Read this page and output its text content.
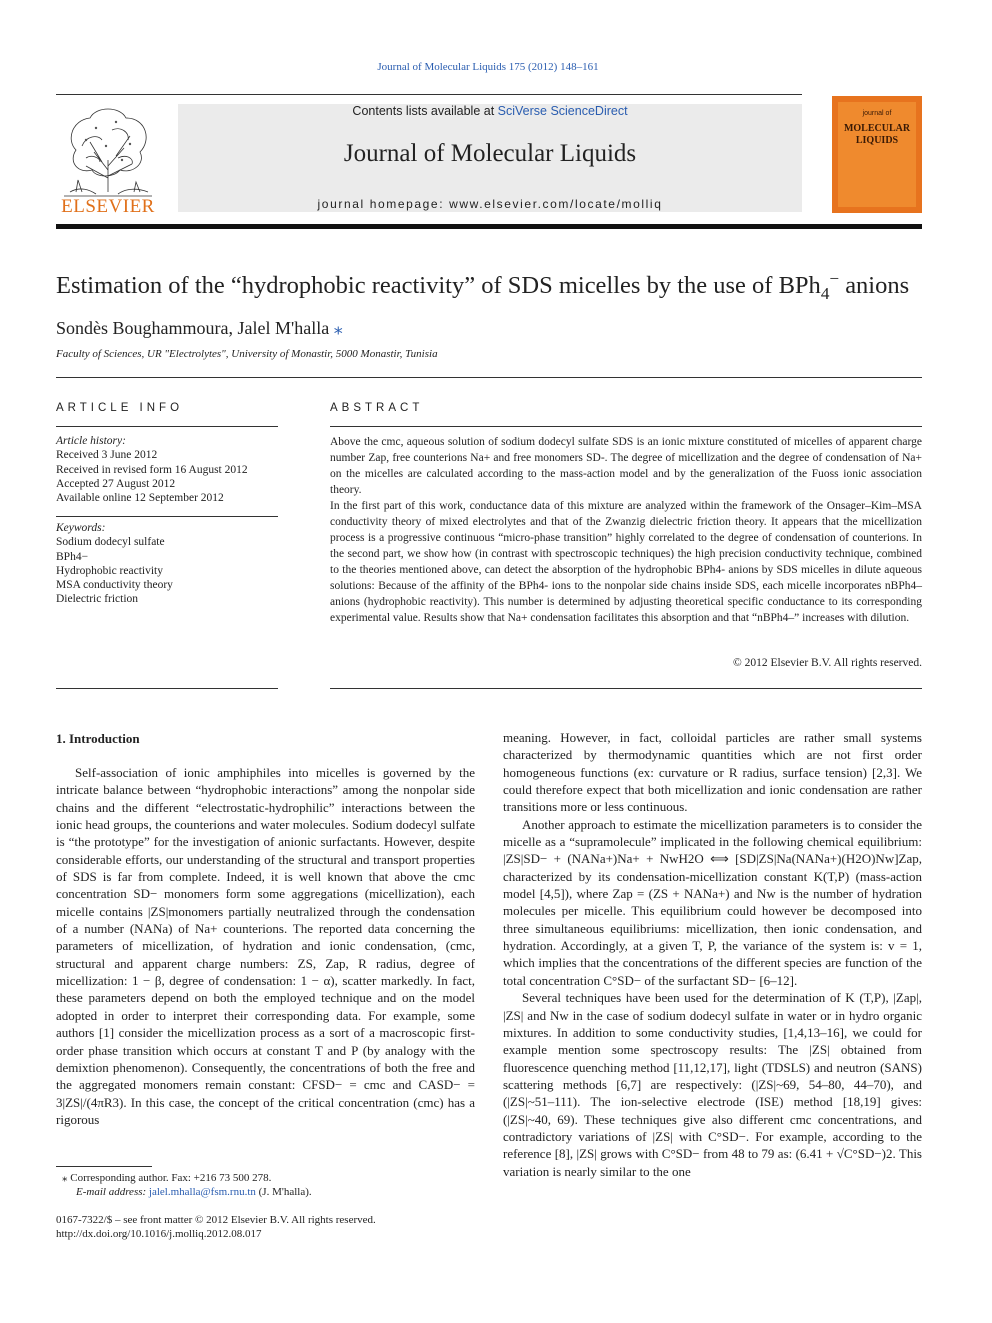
Journal of Molecular Liquids 175 (2012) 148–161
ELSEVIER
Contents lists available at SciVerse ScienceDirect
Journal of Molecular Liquids
journal homepage: www.elsevier.com/locate/molliq
journal of
MOLECULAR
LIQUIDS
Estimation of the “hydrophobic reactivity” of SDS micelles by the use of BPh$_4$− anions
Sondès Boughammoura, Jalel M'halla ⁎
Faculty of Sciences, UR "Electrolytes", University of Monastir, 5000 Monastir, Tunisia
ARTICLE INFO	ABSTRACT
Article history:
Received 3 June 2012
Received in revised form 16 August 2012
Accepted 27 August 2012
Available online 12 September 2012
Keywords:
Sodium dodecyl sulfate
BPh4−
Hydrophobic reactivity
MSA conductivity theory
Dielectric friction

Above the cmc, aqueous solution of sodium dodecyl sulfate SDS is an ionic mixture constituted of micelles of apparent charge number Zap, free counterions Na+ and free monomers SD-. The degree of micellization and the degree of condensation of Na+ on the micelles are calculated according to the mass-action model and by the generalization of the Fuoss ionic association theory.

In the first part of this work, conductance data of this mixture are analyzed within the framework of the Onsager–Kim–MSA conductivity theory of mixed electrolytes and that of the Zwanzig dielectric friction theory. It appears that the micellization process is a progressive continuous “micro-phase transition” highly correlated to the degree of condensation of counterions. In the second part, we show how (in contrast with spectroscopic techniques) the high precision conductivity technique, combined to the theories mentioned above, can detect the absorption of the hydrophobic BPh4- anions by SDS micelles in dilute aqueous solutions: Because of the affinity of the BPh4- ions to the nonpolar side chains inside SDS, each micelle incorporates nBPh4– anions (hydrophobic reactivity). This number is determined by adjusting theoretical specific conductance to its corresponding experimental value. Results show that Na+ condensation facilitates this absorption and that “nBPh4–” increases with dilution.

© 2012 Elsevier B.V. All rights reserved.
1. Introduction

Self-association of ionic amphiphiles into micelles is governed by the intricate balance between “hydrophobic interactions” among the nonpolar side chains and the different “electrostatic-hydrophilic” interactions between the ionic head groups, the counterions and water molecules. Sodium dodecyl sulfate is “the prototype” for the investigation of anionic surfactants. However, despite considerable efforts, our understanding of the structural and transport properties of SDS is far from complete. Indeed, it is well known that above the cmc concentration SD− monomers form some aggregations (micellization), each micelle contains |ZS|monomers partially neutralized through the condensation of a number (NANa) of Na+ counterions. The reported data concerning the parameters of micellization, of hydration and ionic condensation, (cmc, structural and apparent charge numbers: ZS, Zap, R radius, degree of micellization: 1 − β, degree of condensation: 1 − α), scatter markedly. In fact, these parameters depend on both the employed technique and on the model adopted in order to interpret their corresponding data. For example, some authors [1] consider the micellization process as a sort of a macroscopic first-order phase transition which occurs at constant T and P (by analogy with the demixtion phenomenon). Consequently, the concentrations of both the free and the aggregated monomers remain constant: CFSD− = cmc and CASD− = 3|ZS|/(4πR3). In this case, the concept of the critical concentration (cmc) has a rigorous

meaning. However, in fact, colloidal particles are rather small systems characterized by thermodynamic quantities which are not first order homogeneous functions (ex: curvature or R radius, surface tension) [2,3]. We could therefore expect that both micellization and ionic condensation are rather transitions more or less continuous.

Another approach to estimate the micellization parameters is to consider the micelle as a “supramolecule” implicated in the following chemical equilibrium: |ZS|SD− + (NANa+)Na+ + NwH2O ⟺ [SD|ZS|Na(NANa+)(H2O)Nw]Zap, characterized by its condensation-micellization constant K(T,P) (mass-action model [4,5]), where Zap = (ZS + NANa+) and Nw is the number of hydration molecules per micelle. This equilibrium could however be decomposed into three simultaneous equilibriums: micellization, then ionic condensation, and hydration. Accordingly, at a given T, P, the variance of the system is: v = 1, which implies that the concentrations of the different species are function of the total concentration C°SD− of the surfactant SD− [6–12].

Several techniques have been used for the determination of K (T,P), |Zap|, |ZS| and Nw in the case of sodium dodecyl sulfate in water or in hydro organic mixtures. In addition to some conductivity studies, [1,4,13–16], we could for example mention some spectroscopy results: The |ZS| obtained from fluorescence quenching method [11,12,17], light (TDSLS) and neutron (SANS) scattering methods [6,7] are respectively: (|ZS|~69, 54–80, 44–70), and (|ZS|~51–111). The ion-selective electrode (ISE) method [18,19] gives: (|ZS|~40, 69). These techniques give also different cmc concentrations, and contradictory variations of |ZS| with C°SD−. For example, according to the reference [8], |ZS| grows with C°SD− from 48 to 79 as: (6.41 + √C°SD−)2. This variation is nearly similar to the one

⁎ Corresponding author. Fax: +216 73 500 278.
E-mail address: jalel.mhalla@fsm.rnu.tn (J. M'halla).
0167-7322/$ – see front matter © 2012 Elsevier B.V. All rights reserved.
http://dx.doi.org/10.1016/j.molliq.2012.08.017
